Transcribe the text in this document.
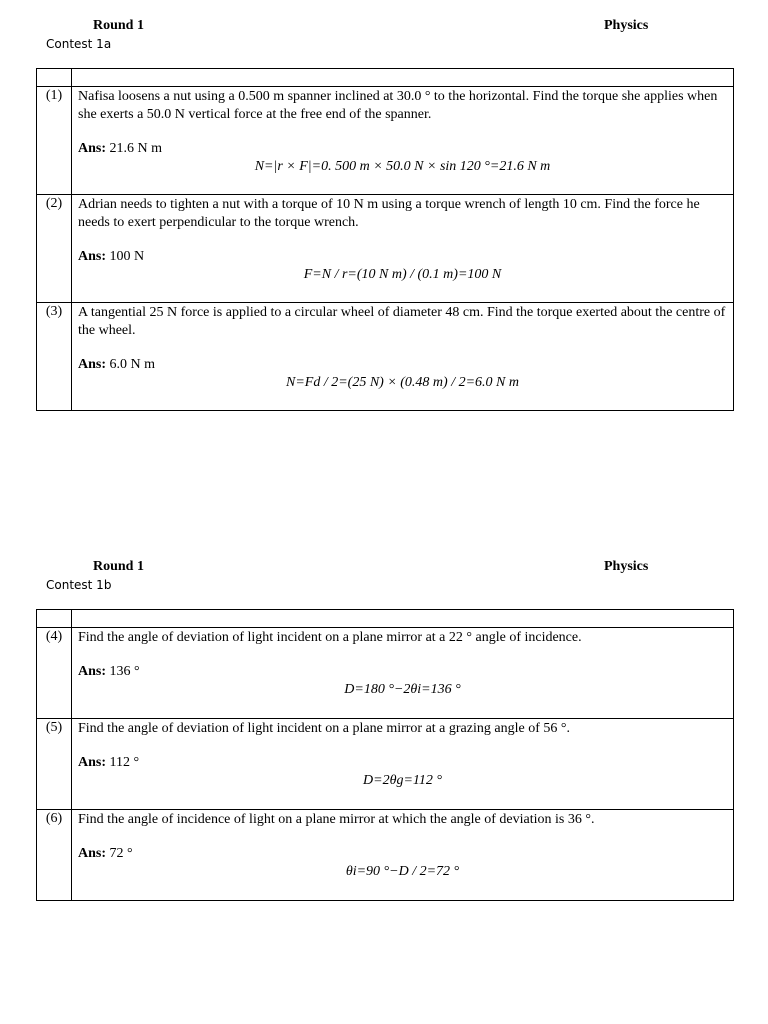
Round 1	Physics
Contest 1a

(1)	Nafisa loosens a nut using a 0.500 m spanner inclined at 30.0 ° to the horizontal. Find the torque she applies when she exerts a 50.0 N vertical force at the free end of the spanner.
Ans: 21.6 N m
N=|r × F|=0. 500 m × 50.0 N × sin 120 °=21.6 N m

(2)	Adrian needs to tighten a nut with a torque of 10 N m using a torque wrench of length 10 cm. Find the force he needs to exert perpendicular to the torque wrench.
Ans: 100 N
F=N / r=(10 N m) / (0.1 m)=100 N

(3)	A tangential 25 N force is applied to a circular wheel of diameter 48 cm. Find the torque exerted about the centre of the wheel.
Ans: 6.0 N m
N=Fd / 2=(25 N) × (0.48 m) / 2=6.0 N m
Round 1	Physics
Contest 1b

(4)	Find the angle of deviation of light incident on a plane mirror at a 22 ° angle of incidence.
Ans: 136 °
D=180 °−2θi=136 °

(5)	Find the angle of deviation of light incident on a plane mirror at a grazing angle of 56 °.
Ans: 112 °
D=2θg=112 °

(6)	Find the angle of incidence of light on a plane mirror at which the angle of deviation is 36 °.
Ans: 72 °
θi=90 °−D / 2=72 °
